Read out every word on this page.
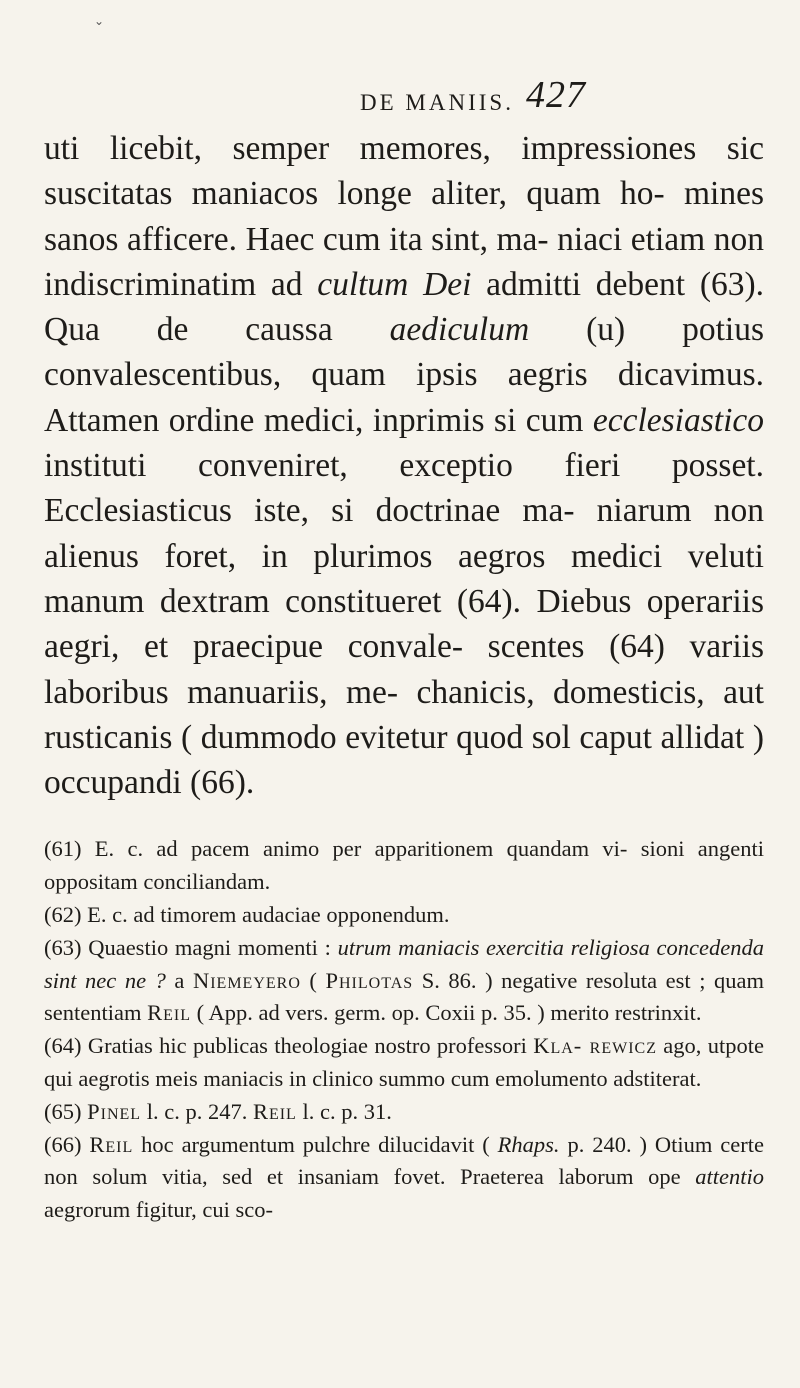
⌄
DE MANIIS. 427

uti licebit, semper memores, impressiones sic suscitatas maniacos longe aliter, quam ho- mines sanos afficere. Haec cum ita sint, ma- niaci etiam non indiscriminatim ad cultum Dei admitti debent (63). Qua de caussa aediculum (u) potius convalescentibus, quam ipsis aegris dicavimus. Attamen ordine medici, inprimis si cum ecclesiastico instituti conveniret, exceptio fieri posset. Ecclesiasticus iste, si doctrinae ma- niarum non alienus foret, in plurimos aegros medici veluti manum dextram constitueret (64). Diebus operariis aegri, et praecipue convale- scentes (64) variis laboribus manuariis, me- chanicis, domesticis, aut rusticanis ( dummodo evitetur quod sol caput allidat ) occupandi (66).

(61) E. c. ad pacem animo per apparitionem quandam vi- sioni angenti oppositam conciliandam.

(62) E. c. ad timorem audaciae opponendum.

(63) Quaestio magni momenti : utrum maniacis exercitia religiosa concedenda sint nec ne ? a Niemeyero ( Philotas S. 86. ) negative resoluta est ; quam sententiam Reil ( App. ad vers. germ. op. Coxii p. 35. ) merito restrinxit.

(64) Gratias hic publicas theologiae nostro professori Kla- rewicz ago, utpote qui aegrotis meis maniacis in clinico summo cum emolumento adstiterat.

(65) Pinel l. c. p. 247. Reil l. c. p. 31.

(66) Reil hoc argumentum pulchre dilucidavit ( Rhaps. p. 240. ) Otium certe non solum vitia, sed et insaniam fovet. Praeterea laborum ope attentio aegrorum figitur, cui sco-
